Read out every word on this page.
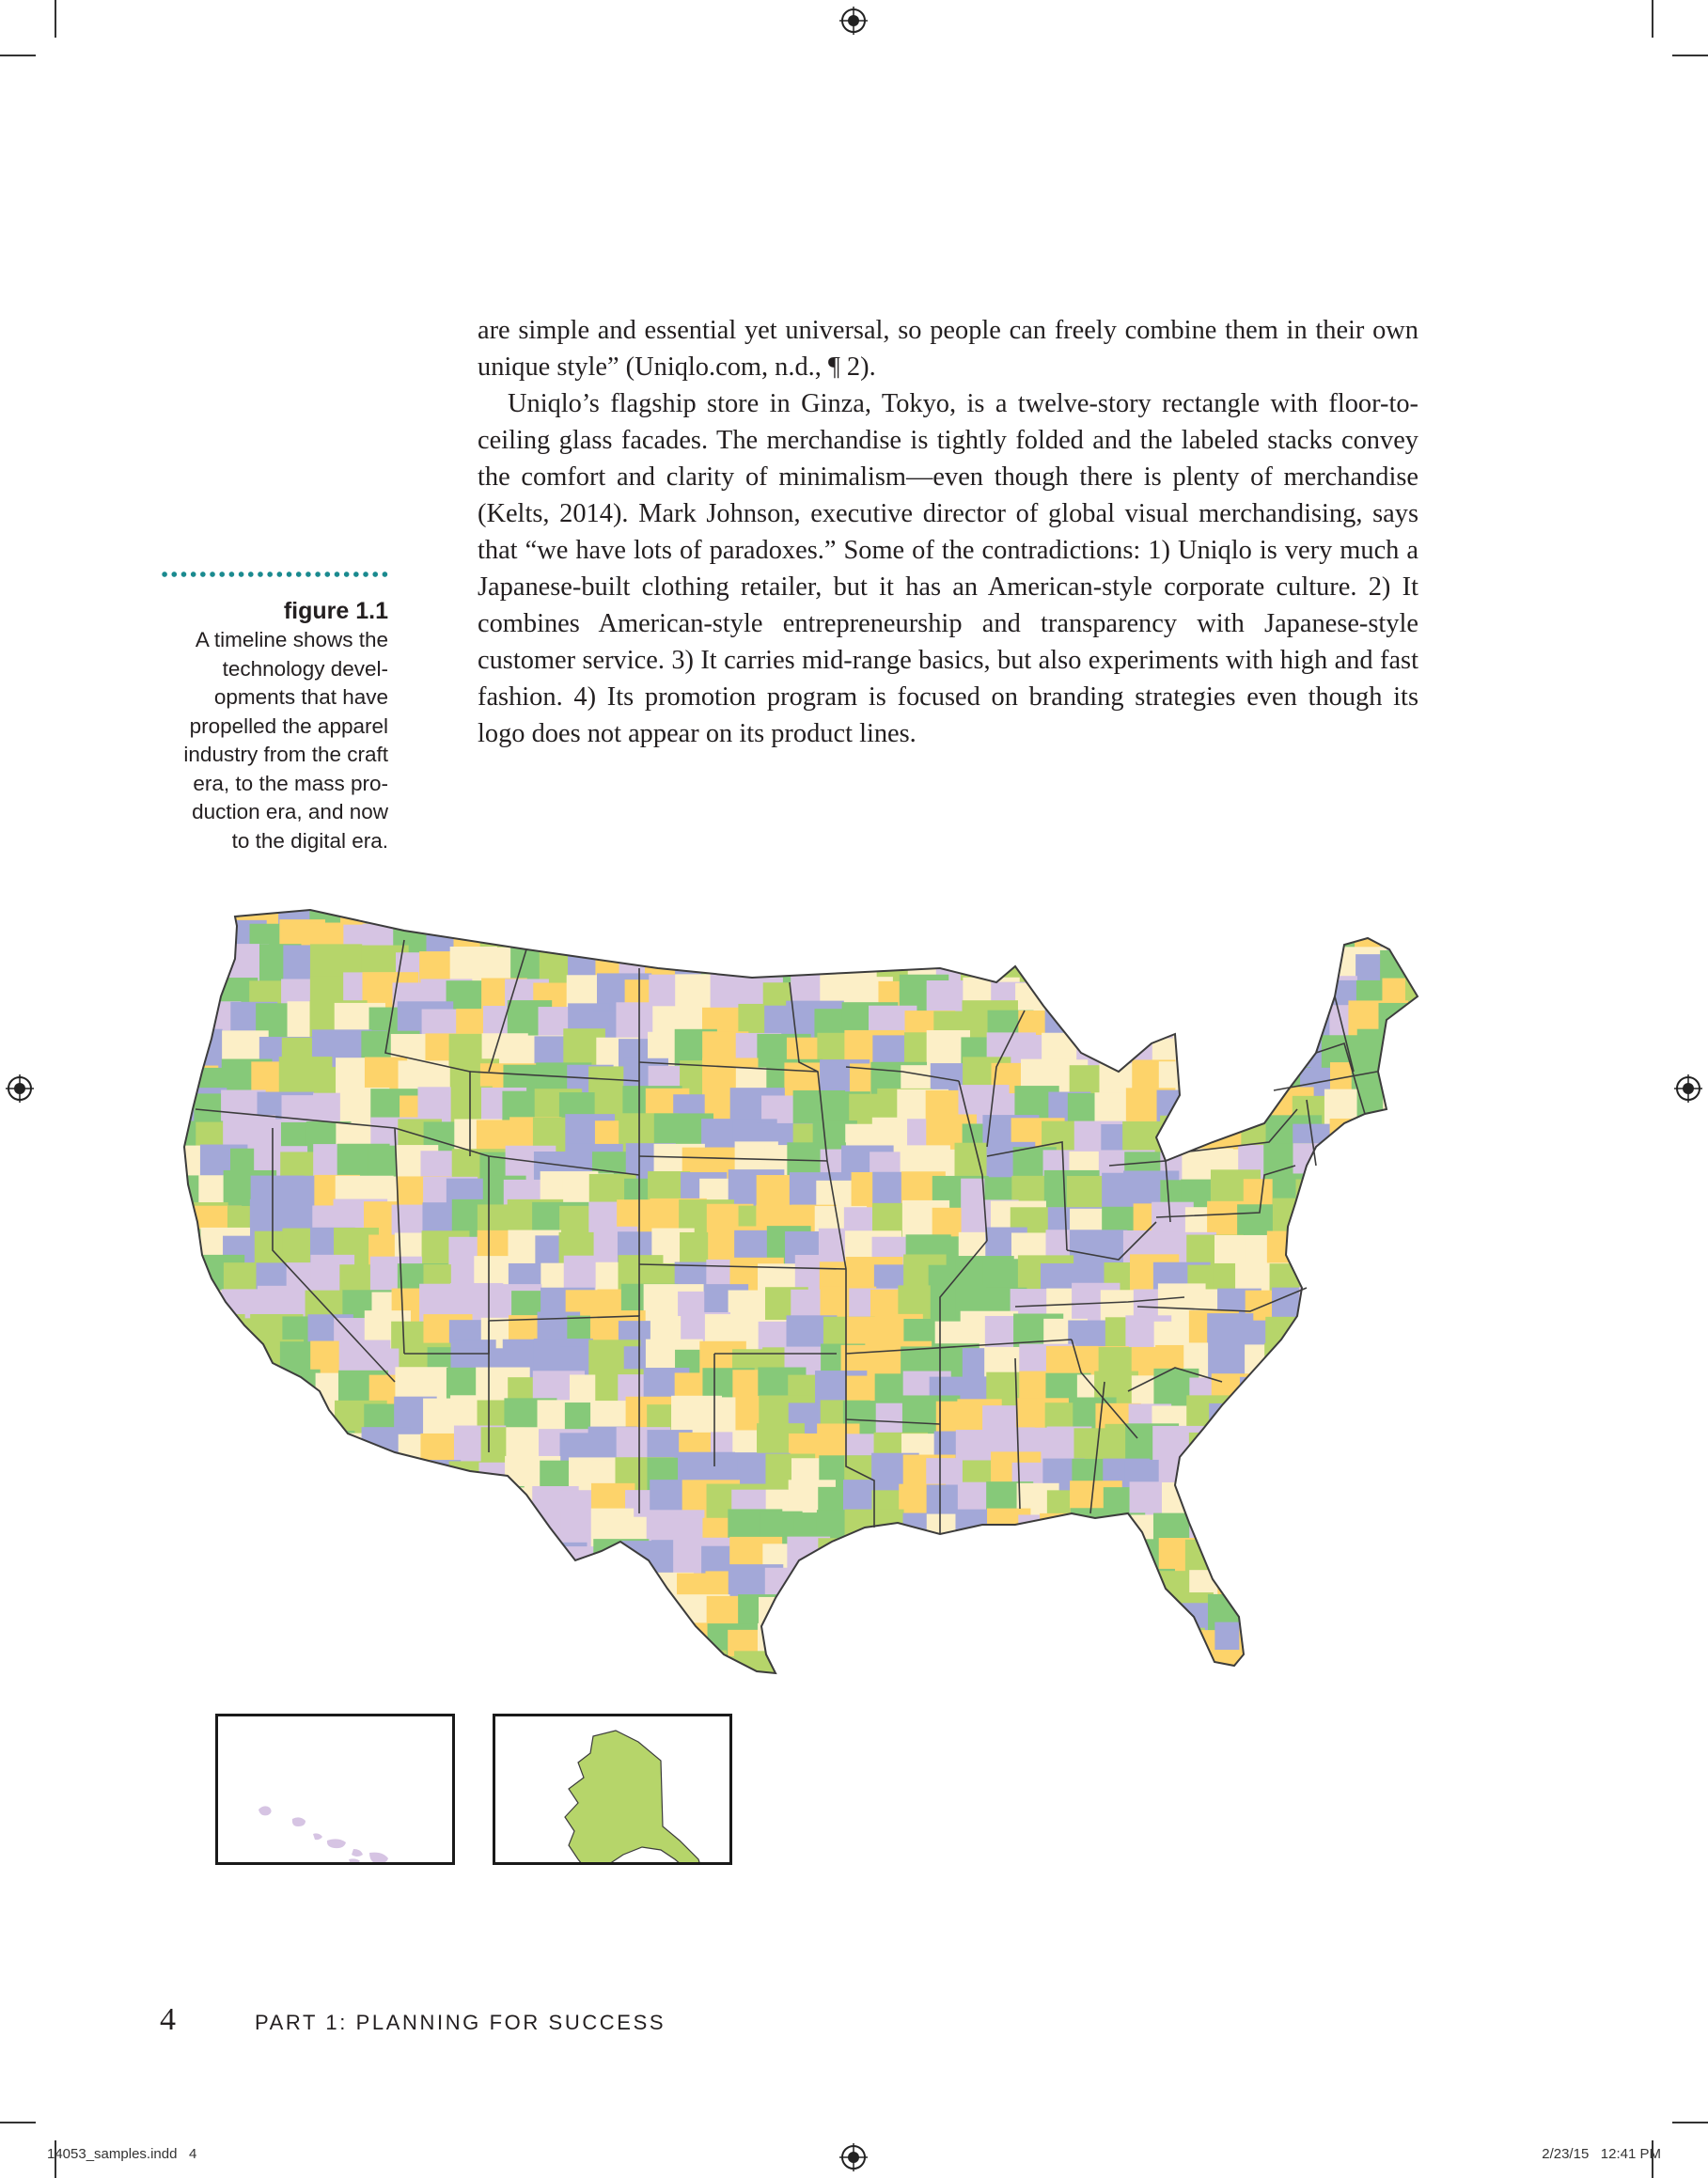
are simple and essential yet universal, so people can freely combine them in their own unique style” (Uniqlo.com, n.d., ¶ 2).

Uniqlo’s flagship store in Ginza, Tokyo, is a twelve-story rectangle with floor-to-ceiling glass facades. The merchandise is tightly folded and the labeled stacks convey the comfort and clarity of minimalism—even though there is plenty of merchandise (Kelts, 2014). Mark Johnson, executive director of global visual merchandising, says that “we have lots of paradoxes.” Some of the contradictions: 1) Uniqlo is very much a Japanese-built clothing retailer, but it has an American-style corporate culture. 2) It combines American-style entrepreneurship and transparency with Japanese-style customer service. 3) It carries mid-range basics, but also experiments with high and fast fashion. 4) Its promotion program is focused on branding strategies even though its logo does not appear on its product lines.

figure 1.1
A timeline shows the
technology devel-
opments that have
propelled the apparel
industry from the craft
era, to the mass pro-
duction era, and now
to the digital era.
4	PART 1: PLANNING FOR SUCCESS
14053_samples.indd   4	2/23/15   12:41 PM
